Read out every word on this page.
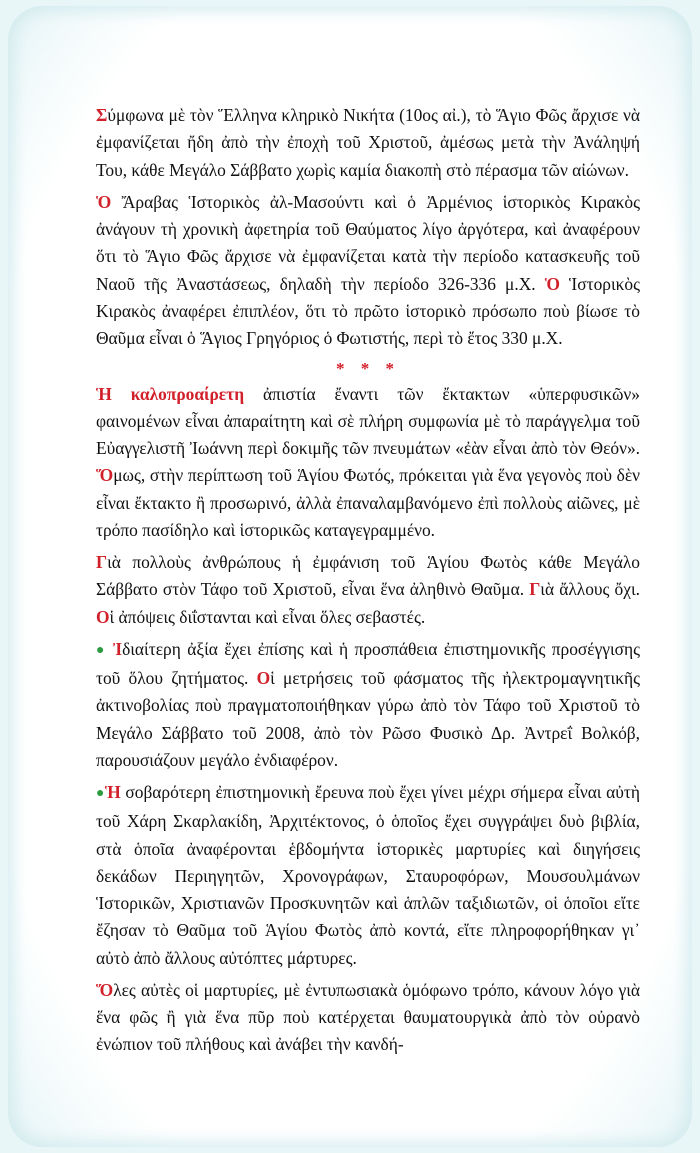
Σύμφωνα μὲ τὸν Ἕλληνα κληρικὸ Νικήτα (10ος αἰ.), τὸ Ἅγιο Φῶς ἄρχισε νὰ ἐμφανίζεται ἤδη ἀπὸ τὴν ἐποχὴ τοῦ Χριστοῦ, ἀμέσως μετὰ τὴν Ἀνάληψή Του, κάθε Μεγάλο Σάββατο χωρὶς καμία διακοπὴ στὸ πέρασμα τῶν αἰώνων.

Ὁ Ἄραβας Ἱστορικὸς ἀλ-Μασούντι καὶ ὁ Ἀρμένιος ἱστορικὸς Κιρακὸς ἀνάγουν τὴ χρονικὴ ἀφετηρία τοῦ Θαύματος λίγο ἀργότερα, καὶ ἀναφέρουν ὅτι τὸ Ἅγιο Φῶς ἄρχισε νὰ ἐμφανίζεται κατὰ τὴν περίοδο κατασκευῆς τοῦ Ναοῦ τῆς Ἀναστάσεως, δηλαδὴ τὴν περίοδο 326-336 μ.Χ. Ὁ Ἱστορικὸς Κιρακὸς ἀναφέρει ἐπιπλέον, ὅτι τὸ πρῶτο ἱστορικὸ πρόσωπο ποὺ βίωσε τὸ Θαῦμα εἶναι ὁ Ἅγιος Γρηγόριος ὁ Φωτιστής, περὶ τὸ ἔτος 330 μ.Χ.

* * *

Ἡ καλοπροαίρετη ἀπιστία ἔναντι τῶν ἔκτακτων «ὑπερφυσικῶν» φαινομένων εἶναι ἀπαραίτητη καὶ σὲ πλήρη συμφωνία μὲ τὸ παράγγελμα τοῦ Εὐαγγελιστῆ Ἰωάννη περὶ δοκιμῆς τῶν πνευμάτων «ἐὰν εἶναι ἀπὸ τὸν Θεόν». Ὅμως, στὴν περίπτωση τοῦ Ἁγίου Φωτός, πρόκειται γιὰ ἕνα γεγονὸς ποὺ δὲν εἶναι ἔκτακτο ἢ προσωρινό, ἀλλὰ ἐπαναλαμβανόμενο ἐπὶ πολλοὺς αἰῶνες, μὲ τρόπο πασίδηλο καὶ ἱστορικῶς καταγεγραμμένο.

Γιὰ πολλοὺς ἀνθρώπους ἡ ἐμφάνιση τοῦ Ἁγίου Φωτὸς κάθε Μεγάλο Σάββατο στὸν Τάφο τοῦ Χριστοῦ, εἶναι ἕνα ἀληθινὸ Θαῦμα. Γιὰ ἄλλους ὄχι. Οἱ ἀπόψεις διΐστανται καὶ εἶναι ὅλες σεβαστές.

● Ἰδιαίτερη ἀξία ἔχει ἐπίσης καὶ ἡ προσπάθεια ἐπιστημονικῆς προσέγγισης τοῦ ὅλου ζητήματος. Οἱ μετρήσεις τοῦ φάσματος τῆς ἠλεκτρομαγνητικῆς ἀκτινοβολίας ποὺ πραγματοποιήθηκαν γύρω ἀπὸ τὸν Τάφο τοῦ Χριστοῦ τὸ Μεγάλο Σάββατο τοῦ 2008, ἀπὸ τὸν Ρῶσο Φυσικὸ Δρ. Ἀντρεΐ Βολκόβ, παρουσιάζουν μεγάλο ἐνδιαφέρον.

●Ἡ σοβαρότερη ἐπιστημονικὴ ἔρευνα ποὺ ἔχει γίνει μέχρι σήμερα εἶναι αὐτὴ τοῦ Χάρη Σκαρλακίδη, Ἀρχιτέκτονος, ὁ ὁποῖος ἔχει συγγράψει δυὸ βιβλία, στὰ ὁποῖα ἀναφέρονται ἑβδομήντα ἱστορικὲς μαρτυρίες καὶ διηγήσεις δεκάδων Περιηγητῶν, Χρονογράφων, Σταυροφόρων, Μουσουλμάνων Ἱστορικῶν, Χριστιανῶν Προσκυνητῶν καὶ ἁπλῶν ταξιδιωτῶν, οἱ ὁποῖοι εἴτε ἔζησαν τὸ Θαῦμα τοῦ Ἁγίου Φωτὸς ἀπὸ κοντά, εἴτε πληροφορήθηκαν γι᾽ αὐτὸ ἀπὸ ἄλλους αὐτόπτες μάρτυρες.

Ὅλες αὐτὲς οἱ μαρτυρίες, μὲ ἐντυπωσιακὰ ὁμόφωνο τρόπο, κάνουν λόγο γιὰ ἕνα φῶς ἢ γιὰ ἕνα πῦρ ποὺ κατέρχεται θαυματουργικὰ ἀπὸ τὸν οὐρανὸ ἐνώπιον τοῦ πλήθους καὶ ἀνάβει τὴν κανδή-
